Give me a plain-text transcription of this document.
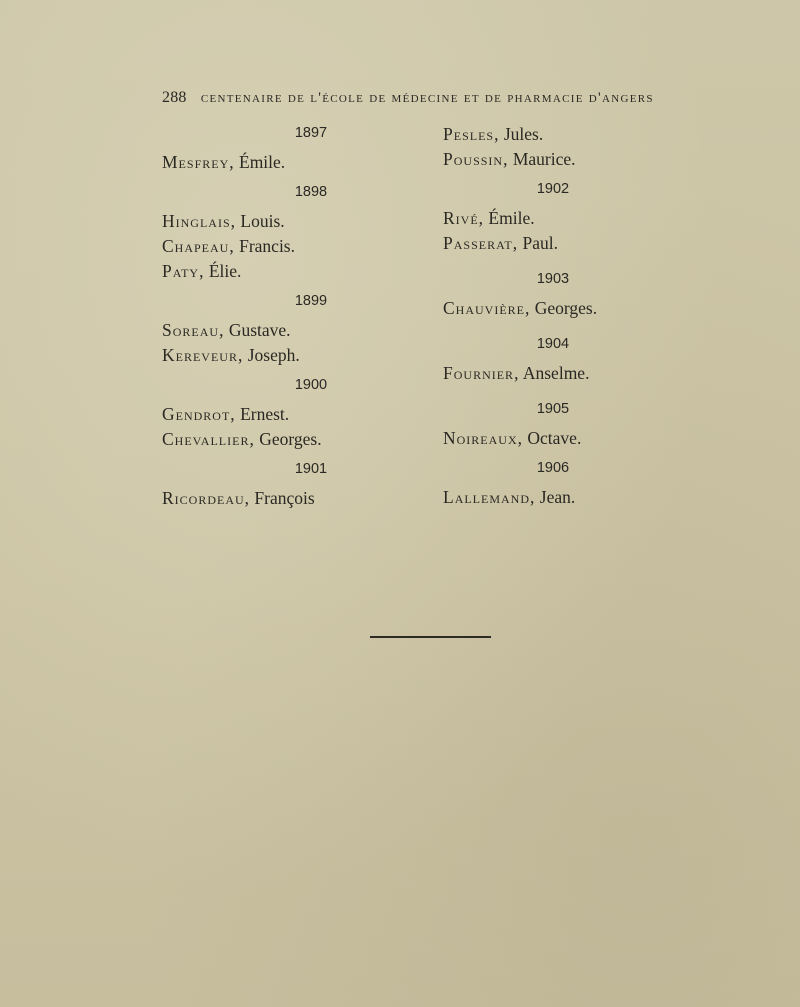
288 centenaire de l'école de médecine et de pharmacie d'angers
1897
Mesfrey, Émile.
1898
Hinglais, Louis.
Chapeau, Francis.
Paty, Élie.
1899
Soreau, Gustave.
Kereveur, Joseph.
1900
Gendrot, Ernest.
Chevallier, Georges.
1901
Ricordeau, François
Pesles, Jules.
Poussin, Maurice.
1902
Rivé, Émile.
Passerat, Paul.
1903
Chauvière, Georges.
1904
Fournier, Anselme.
1905
Noireaux, Octave.
1906
Lallemand, Jean.
